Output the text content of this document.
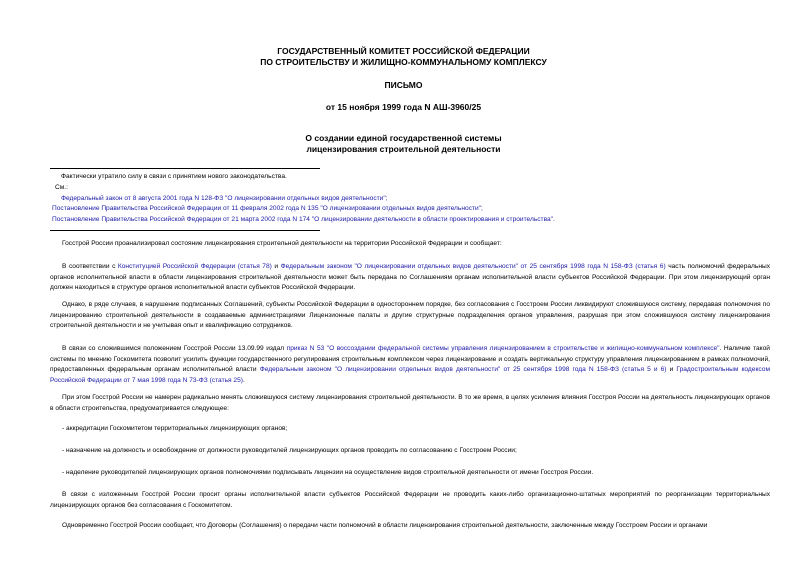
ГОСУДАРСТВЕННЫЙ КОМИТЕТ РОССИЙСКОЙ ФЕДЕРАЦИИ
ПО СТРОИТЕЛЬСТВУ И ЖИЛИЩНО-КОММУНАЛЬНОМУ КОМПЛЕКСУ
ПИСЬМО
от 15 ноября 1999 года N АШ-3960/25
О создании единой государственной системы
лицензирования строительной деятельности
Фактически утратило силу в связи с принятием нового законодательства.
См.:
Федеральный закон от 8 августа 2001 года N 128-ФЗ "О лицензировании отдельных видов деятельности";
Постановление Правительства Российской Федерации от 11 февраля 2002 года N 135 "О лицензировании отдельных видов деятельности";
Постановление Правительства Российской Федерации от 21 марта 2002 года N 174 "О лицензировании деятельности в области проектирования и строительства".
Госстрой России проанализировал состояние лицензирования строительной деятельности на территории Российской Федерации и сообщает:
В соответствии с Конституцией Российской Федерации (статья 78) и Федеральным законом "О лицензировании отдельных видов деятельности" от 25 сентября 1998 года N 158-ФЗ (статья 6) часть полномочий федеральных органов исполнительной власти в области лицензирования строительной деятельности может быть передана по Соглашениям органам исполнительной власти субъектов Российской Федерации. При этом лицензирующий орган должен находиться в структуре органов исполнительной власти субъектов Российской Федерации.
Однако, в ряде случаев, в нарушение подписанных Соглашений, субъекты Российской Федерации в одностороннем порядке, без согласования с Госстроем России ликвидируют сложившуюся систему, передавая полномочия по лицензированию строительной деятельности в создаваемые администрациями Лицензионные палаты и другие структурные подразделения органов управления, разрушая при этом сложившуюся систему лицензирования строительной деятельности и не учитывая опыт и квалификацию сотрудников.
В связи со сложившимся положением Госстрой России 13.09.99 издал приказ N 53 "О воссоздании федеральной системы управления лицензированием в строительстве и жилищно-коммунальном комплексе". Наличие такой системы по мнению Госкомитета позволит усилить функции государственного регулирования строительным комплексом через лицензирование и создать вертикальную структуру управления лицензированием в рамках полномочий, предоставленных федеральным органам исполнительной власти Федеральным законом "О лицензировании отдельных видов деятельности" от 25 сентября 1998 года N 158-ФЗ (статья 5 и 6) и Градостроительным кодексом Российской Федерации от 7 мая 1998 года N 73-ФЗ (статья 25).
При этом Госстрой России не намерен радикально менять сложившуюся систему лицензирования строительной деятельности. В то же время, в целях усиления влияния Госстроя России на деятельность лицензирующих органов в области строительства, предусматривается следующее:
- аккредитации Госкомитетом территориальных лицензирующих органов;
- назначение на должность и освобождение от должности руководителей лицензирующих органов проводить по согласованию с Госстроем России;
- наделение руководителей лицензирующих органов полномочиями подписывать лицензии на осуществление видов строительной деятельности от имени Госстроя России.
В связи с изложенным Госстрой России просит органы исполнительной власти субъектов Российской Федерации не проводить каких-либо организационно-штатных мероприятий по реорганизации территориальных лицензирующих органов без согласования с Госкомитетом.
Одновременно Госстрой России сообщает, что Договоры (Соглашения) о передачи части полномочий в области лицензирования строительной деятельности, заключенные между Госстроем России и органами
